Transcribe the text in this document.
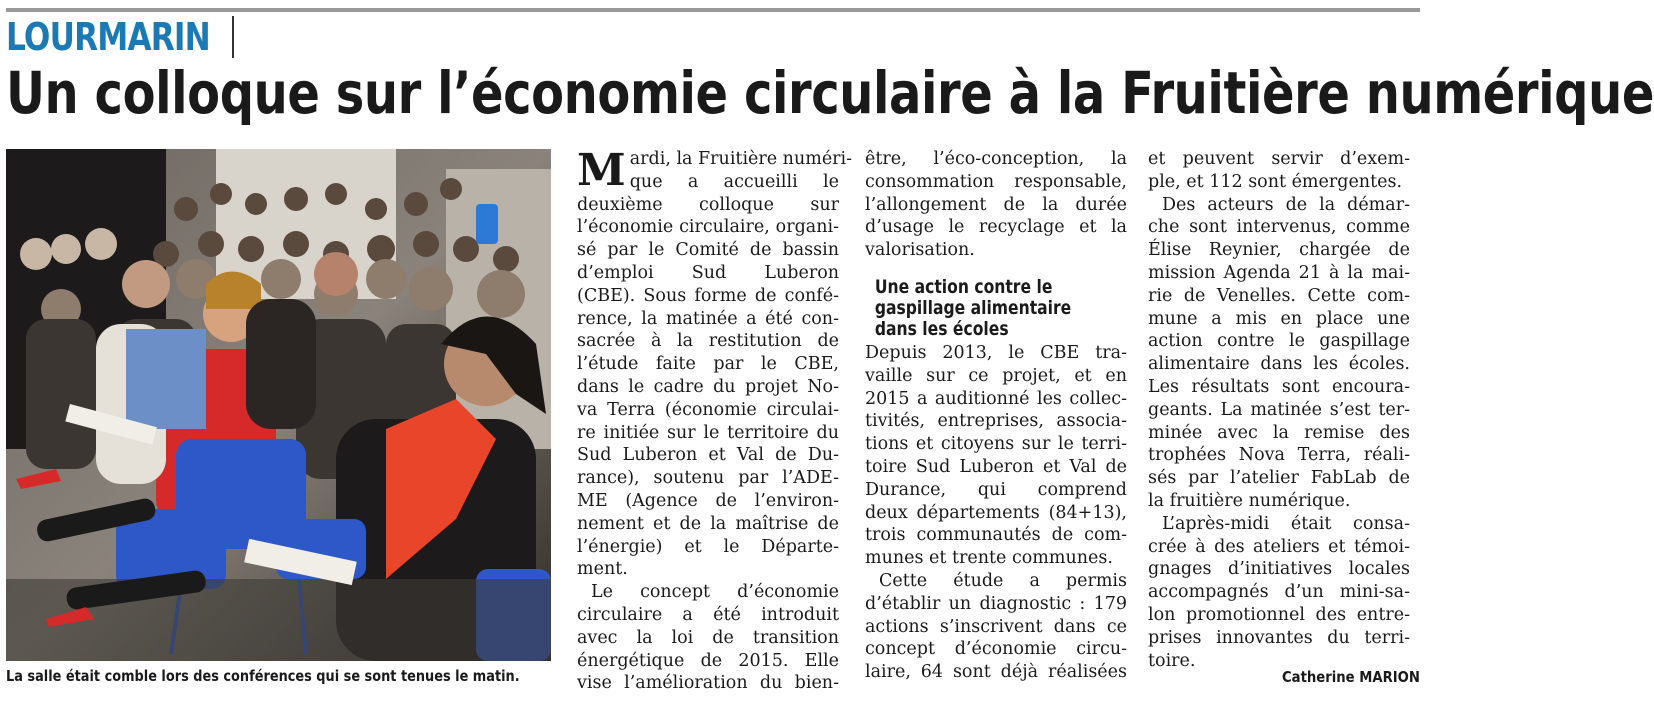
LOURMARIN
Un colloque sur l’économie circulaire à la Fruitière numérique
La salle était comble lors des conférences qui se sont tenues le matin.
M ardi, la Fruitière numéri-
que a accueilli le
deuxième colloque sur
l’économie circulaire, organi-
sé par le Comité de bassin
d’emploi Sud Luberon
(CBE). Sous forme de confé-
rence, la matinée a été con-
sacrée à la restitution de
l’étude faite par le CBE,
dans le cadre du projet No-
va Terra (économie circulai-
re initiée sur le territoire du
Sud Luberon et Val de Du-
rance), soutenu par l’ADE-
ME (Agence de l’environ-
nement et de la maîtrise de
l’énergie) et le Départe-
ment.
Le concept d’économie
circulaire a été introduit
avec la loi de transition
énergétique de 2015. Elle
vise l’amélioration du bien-
être, l’éco-conception, la
consommation responsable,
l’allongement de la durée
d’usage le recyclage et la
valorisation.
Une action contre le
gaspillage alimentaire
dans les écoles
Depuis 2013, le CBE tra-
vaille sur ce projet, et en
2015 a auditionné les collec-
tivités, entreprises, associa-
tions et citoyens sur le terri-
toire Sud Luberon et Val de
Durance, qui comprend
deux départements (84+13),
trois communautés de com-
munes et trente communes.
Cette étude a permis
d’établir un diagnostic : 179
actions s’inscrivent dans ce
concept d’économie circu-
laire, 64 sont déjà réalisées
et peuvent servir d’exem-
ple, et 112 sont émergentes.
Des acteurs de la démar-
che sont intervenus, comme
Élise Reynier, chargée de
mission Agenda 21 à la mai-
rie de Venelles. Cette com-
mune a mis en place une
action contre le gaspillage
alimentaire dans les écoles.
Les résultats sont encoura-
geants. La matinée s’est ter-
minée avec la remise des
trophées Nova Terra, réali-
sés par l’atelier FabLab de
la fruitière numérique.
L’après-midi était consa-
crée à des ateliers et témoi-
gnages d’initiatives locales
accompagnés d’un mini-sa-
lon promotionnel des entre-
prises innovantes du terri-
toire.
Catherine MARION
